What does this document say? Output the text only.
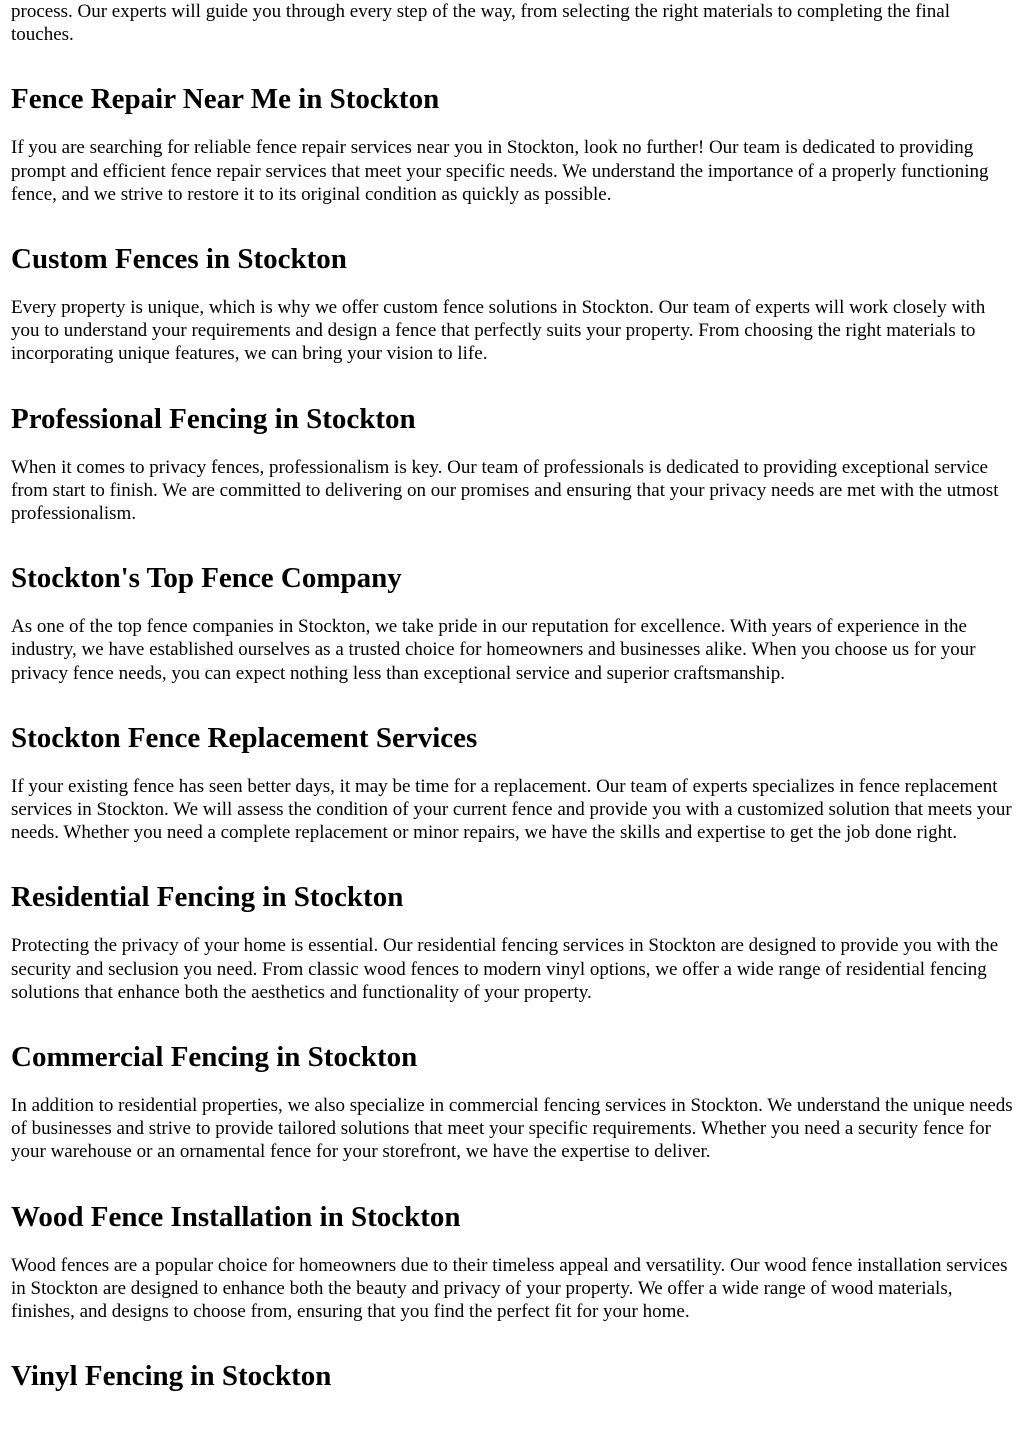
process. Our experts will guide you through every step of the way, from selecting the right materials to completing the final touches.

Fence Repair Near Me in Stockton

If you are searching for reliable fence repair services near you in Stockton, look no further! Our team is dedicated to providing prompt and efficient fence repair services that meet your specific needs. We understand the importance of a properly functioning fence, and we strive to restore it to its original condition as quickly as possible.

Custom Fences in Stockton

Every property is unique, which is why we offer custom fence solutions in Stockton. Our team of experts will work closely with you to understand your requirements and design a fence that perfectly suits your property. From choosing the right materials to incorporating unique features, we can bring your vision to life.

Professional Fencing in Stockton

When it comes to privacy fences, professionalism is key. Our team of professionals is dedicated to providing exceptional service from start to finish. We are committed to delivering on our promises and ensuring that your privacy needs are met with the utmost professionalism.

Stockton's Top Fence Company

As one of the top fence companies in Stockton, we take pride in our reputation for excellence. With years of experience in the industry, we have established ourselves as a trusted choice for homeowners and businesses alike. When you choose us for your privacy fence needs, you can expect nothing less than exceptional service and superior craftsmanship.

Stockton Fence Replacement Services

If your existing fence has seen better days, it may be time for a replacement. Our team of experts specializes in fence replacement services in Stockton. We will assess the condition of your current fence and provide you with a customized solution that meets your needs. Whether you need a complete replacement or minor repairs, we have the skills and expertise to get the job done right.

Residential Fencing in Stockton

Protecting the privacy of your home is essential. Our residential fencing services in Stockton are designed to provide you with the security and seclusion you need. From classic wood fences to modern vinyl options, we offer a wide range of residential fencing solutions that enhance both the aesthetics and functionality of your property.

Commercial Fencing in Stockton

In addition to residential properties, we also specialize in commercial fencing services in Stockton. We understand the unique needs of businesses and strive to provide tailored solutions that meet your specific requirements. Whether you need a security fence for your warehouse or an ornamental fence for your storefront, we have the expertise to deliver.

Wood Fence Installation in Stockton

Wood fences are a popular choice for homeowners due to their timeless appeal and versatility. Our wood fence installation services in Stockton are designed to enhance both the beauty and privacy of your property. We offer a wide range of wood materials, finishes, and designs to choose from, ensuring that you find the perfect fit for your home.

Vinyl Fencing in Stockton
